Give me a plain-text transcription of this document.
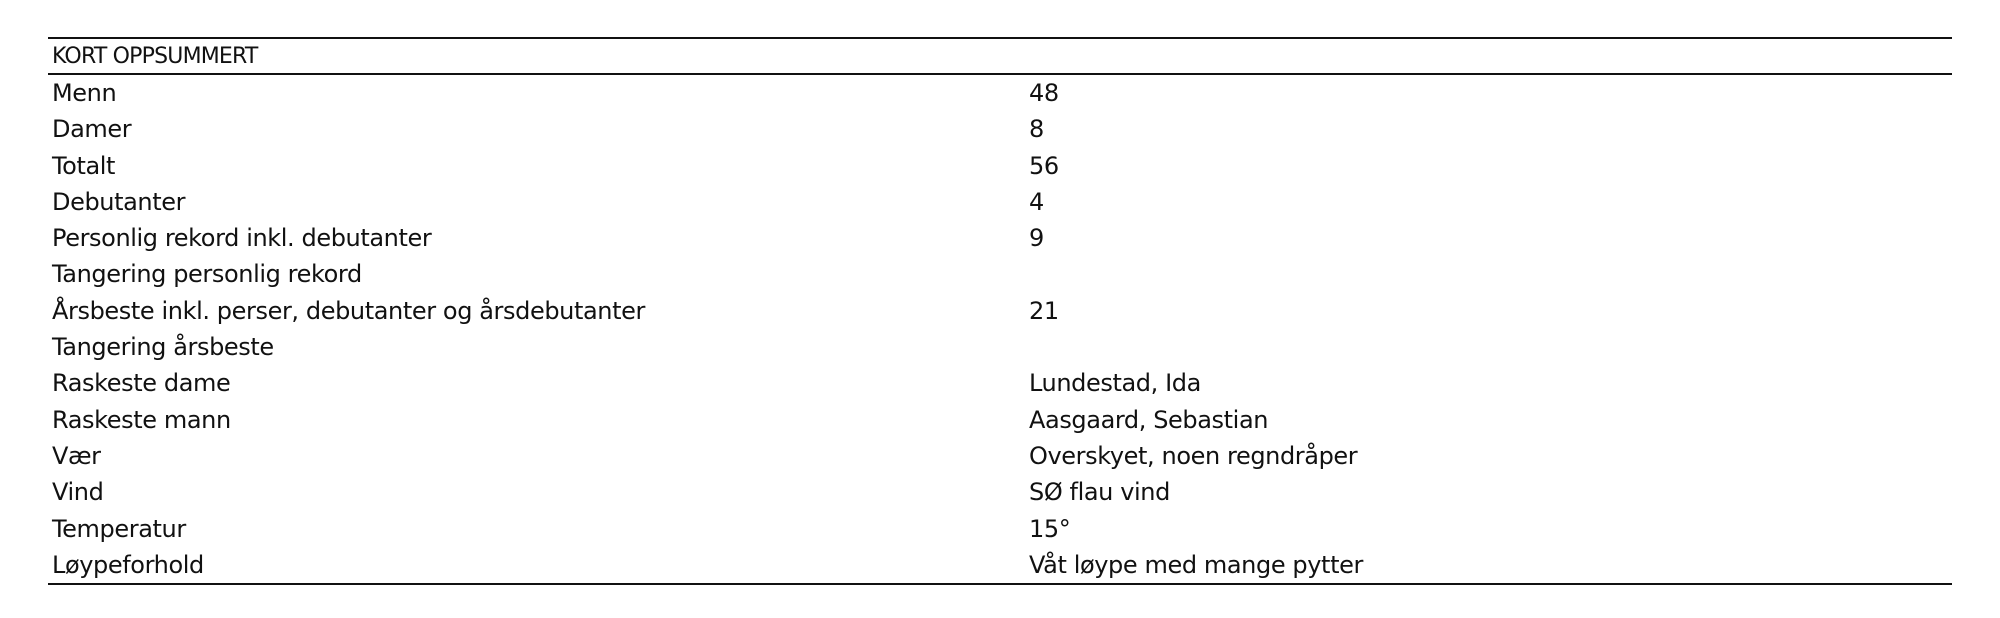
KORT OPPSUMMERT
Menn	48
Damer	8
Totalt	56
Debutanter	4
Personlig rekord inkl. debutanter	9
Tangering personlig rekord
Årsbeste inkl. perser, debutanter og årsdebutanter	21
Tangering årsbeste
Raskeste dame	Lundestad, Ida
Raskeste mann	Aasgaard, Sebastian
Vær	Overskyet, noen regndråper
Vind	SØ flau vind
Temperatur	15°
Løypeforhold	Våt løype med mange pytter
